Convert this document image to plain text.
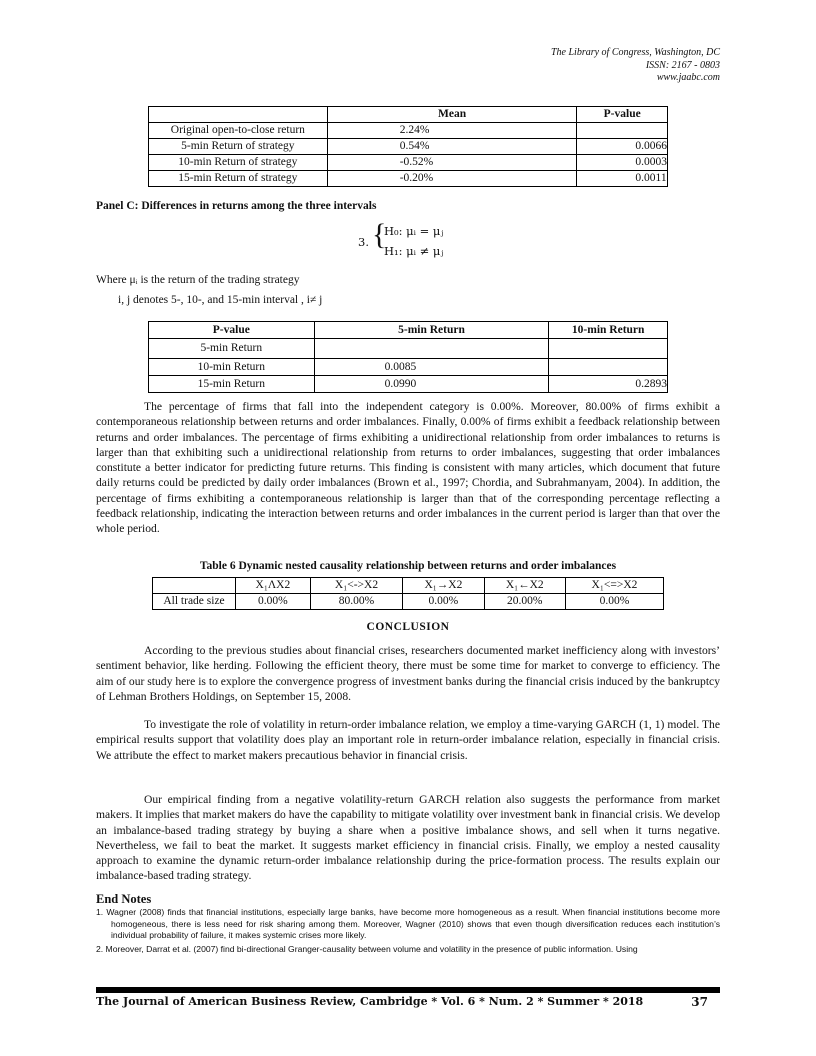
The Library of Congress, Washington, DC
ISSN: 2167 - 0803
www.jaabc.com
	Mean	P-value
Original open-to-close return	2.24%	
5-min Return of strategy	0.54%	0.0066
10-min Return of strategy	-0.52%	0.0003
15-min Return of strategy	-0.20%	0.0011
Panel C: Differences in returns among the three intervals
3. {
H₀: μᵢ = μⱼ
H₁: μᵢ ≠ μⱼ
Where μᵢ is the return of the trading strategy
i, j denotes 5-, 10-, and 15-min interval , i≠ j
P-value	5-min Return	10-min Return
5-min Return		
10-min Return	0.0085	
15-min Return	0.0990	0.2893
The percentage of firms that fall into the independent category is 0.00%. Moreover, 80.00% of firms exhibit a contemporaneous relationship between returns and order imbalances. Finally, 0.00% of firms exhibit a feedback relationship between returns and order imbalances. The percentage of firms exhibiting a unidirectional relationship from order imbalances to returns is larger than that exhibiting such a unidirectional relationship from returns to order imbalances, suggesting that order imbalances constitute a better indicator for predicting future returns. This finding is consistent with many articles, which document that future daily returns could be predicted by daily order imbalances (Brown et al., 1997; Chordia, and Subrahmanyam, 2004). In addition, the percentage of firms exhibiting a contemporaneous relationship is larger than that of the corresponding percentage reflecting a feedback relationship, indicating the interaction between returns and order imbalances in the current period is larger than that over the whole period.
Table 6 Dynamic nested causality relationship between returns and order imbalances
	X₁ΛX2	X₁<->X2	X₁→X2	X₁←X2	X₁<=>X2
All trade size	0.00%	80.00%	0.00%	20.00%	0.00%
CONCLUSION
According to the previous studies about financial crises, researchers documented market inefficiency along with investors’ sentiment behavior, like herding. Following the efficient theory, there must be some time for market to converge to efficiency. The aim of our study here is to explore the convergence progress of investment banks during the financial crisis induced by the bankruptcy of Lehman Brothers Holdings, on September 15, 2008.
To investigate the role of volatility in return-order imbalance relation, we employ a time-varying GARCH (1, 1) model. The empirical results support that volatility does play an important role in return-order imbalance relation, especially in financial crisis. We attribute the effect to market makers precautious behavior in financial crisis.
Our empirical finding from a negative volatility-return GARCH relation also suggests the performance from market makers. It implies that market makers do have the capability to mitigate volatility over investment bank in financial crisis. We develop an imbalance-based trading strategy by buying a share when a positive imbalance shows, and sell when it turns negative. Nevertheless, we fail to beat the market. It suggests market efficiency in financial crisis. Finally, we employ a nested causality approach to examine the dynamic return-order imbalance relationship during the price-formation process. The results explain our imbalance-based trading strategy.
End Notes
1. Wagner (2008) finds that financial institutions, especially large banks, have become more homogeneous as a result. When financial institutions become more homogeneous, there is less need for risk sharing among them. Moreover, Wagner (2010) shows that even though diversification reduces each institution’s individual probability of failure, it makes systemic crises more likely.
2. Moreover, Darrat et al. (2007) find bi-directional Granger-causality between volume and volatility in the presence of public information. Using
The Journal of American Business Review, Cambridge * Vol. 6 * Num. 2 * Summer * 2018	37
